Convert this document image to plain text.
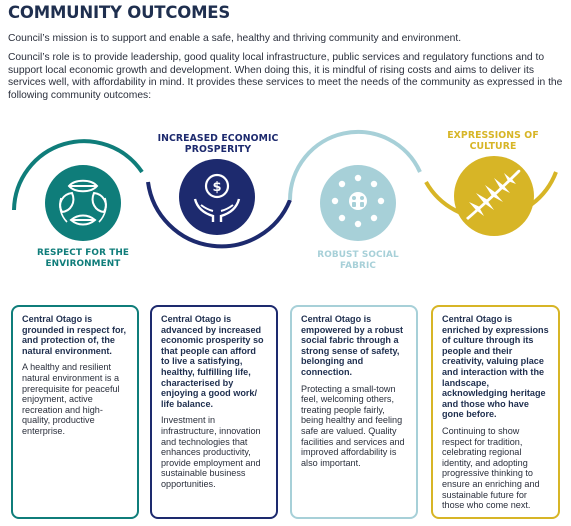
COMMUNITY OUTCOMES

Council’s mission is to support and enable a safe, healthy and thriving community and environment.

Council’s role is to provide leadership, good quality local infrastructure, public services and regulatory functions and to support local economic growth and development. When doing this, it is mindful of rising costs and aims to deliver its services well, with affordability in mind. It provides these services to meet the needs of the community as expressed in the following community outcomes:

RESPECT FOR THE
ENVIRONMENT
INCREASED ECONOMIC
PROSPERITY
$
ROBUST SOCIAL
FABRIC
EXPRESSIONS OF
CULTURE

Central Otago is grounded in respect for, and protection of, the natural environment.

A healthy and resilient natural environment is a prerequisite for peaceful enjoyment, active recreation and high-quality, productive enterprise.

Central Otago is advanced by increased economic prosperity so that people can afford to live a satisfying, healthy, fulfilling life, characterised by enjoying a good work/ life balance.

Investment in infrastructure, innovation and technologies that enhances productivity, provide employment and sustainable business opportunities.

Central Otago is empowered by a robust social fabric through a strong sense of safety, belonging and connection.

Protecting a small-town feel, welcoming others, treating people fairly, being healthy and feeling safe are valued. Quality facilities and services and improved affordability is also important.

Central Otago is enriched by expressions of culture through its people and their creativity, valuing place and interaction with the landscape, acknowledging heritage and those who have gone before.

Continuing to show respect for tradition, celebrating regional identity, and adopting progressive thinking to ensure an enriching and sustainable future for those who come next.
